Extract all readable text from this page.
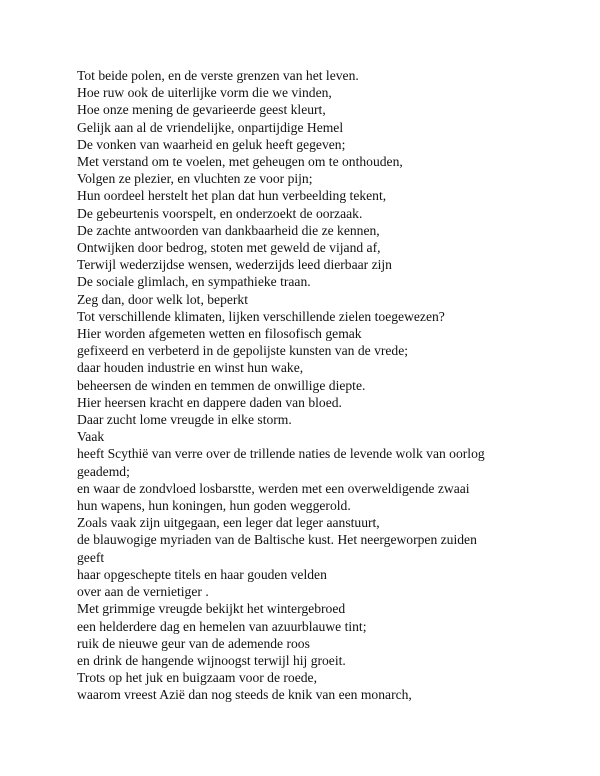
Tot beide polen, en de verste grenzen van het leven.
Hoe ruw ook de uiterlijke vorm die we vinden,
Hoe onze mening de gevarieerde geest kleurt,
Gelijk aan al de vriendelijke, onpartijdige Hemel
De vonken van waarheid en geluk heeft gegeven;
Met verstand om te voelen, met geheugen om te onthouden,
Volgen ze plezier, en vluchten ze voor pijn;
Hun oordeel herstelt het plan dat hun verbeelding tekent,
De gebeurtenis voorspelt, en onderzoekt de oorzaak.
De zachte antwoorden van dankbaarheid die ze kennen,
Ontwijken door bedrog, stoten met geweld de vijand af,
Terwijl wederzijdse wensen, wederzijds leed dierbaar zijn
De sociale glimlach, en sympathieke traan.
Zeg dan, door welk lot, beperkt
Tot verschillende klimaten, lijken verschillende zielen toegewezen?
Hier worden afgemeten wetten en filosofisch gemak
gefixeerd en verbeterd in de gepolijste kunsten van de vrede;
daar houden industrie en winst hun wake,
beheersen de winden en temmen de onwillige diepte.
Hier heersen kracht en dappere daden van bloed.
Daar zucht lome vreugde in elke storm.
Vaak
heeft Scythië van verre over de trillende naties de levende wolk van oorlog
geademd;
en waar de zondvloed losbarstte, werden met een overweldigende zwaai
hun wapens, hun koningen, hun goden weggerold.
Zoals vaak zijn uitgegaan, een leger dat leger aanstuurt,
de blauwogige myriaden van de Baltische kust. Het neergeworpen zuiden
geeft
haar opgeschepte titels en haar gouden velden
over aan de vernietiger .
Met grimmige vreugde bekijkt het wintergebroed
een helderdere dag en hemelen van azuurblauwe tint;
ruik de nieuwe geur van de ademende roos
en drink de hangende wijnoogst terwijl hij groeit.
Trots op het juk en buigzaam voor de roede,
waarom vreest Azië dan nog steeds de knik van een monarch,
